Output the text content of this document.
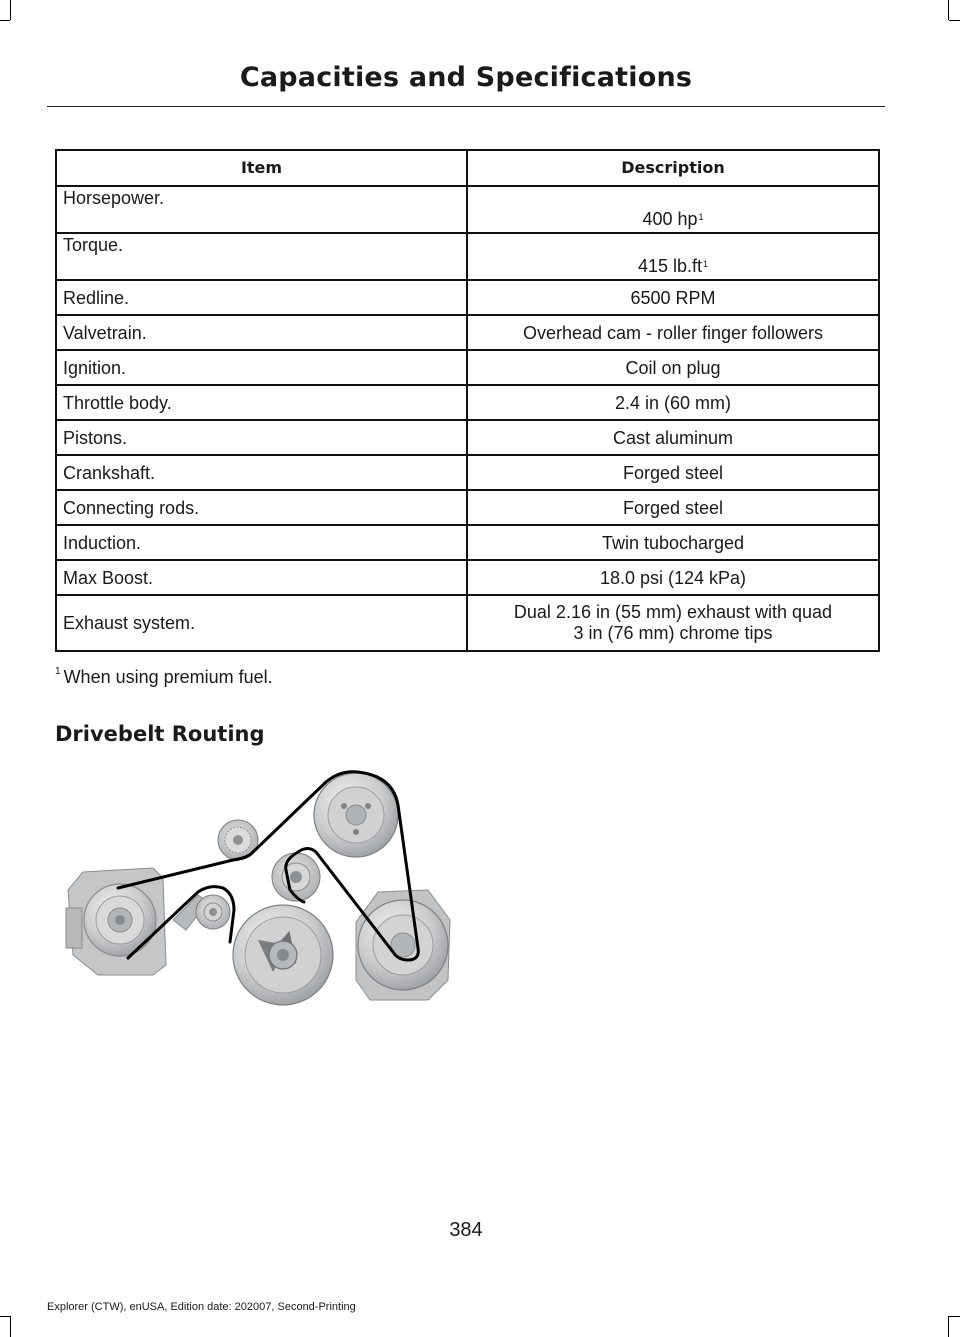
Capacities and Specifications
Item	Description
Horsepower.	400 $hp^1$
Torque.	415 $lb.ft^1$
Redline.	6500 RPM
Valvetrain.	Overhead cam - roller finger followers
Ignition.	Coil on plug
Throttle body.	2.4 in (60 mm)
Pistons.	Cast aluminum
Crankshaft.	Forged steel
Connecting rods.	Forged steel
Induction.	Twin tubocharged
Max Boost.	18.0 psi (124 kPa)
Exhaust system.	Dual 2.16 in (55 mm) exhaust with quad
3 in (76 mm) chrome tips
$^1$ When using premium fuel.
Drivebelt Routing
384
Explorer (CTW), enUSA, Edition date: 202007, Second-Printing
